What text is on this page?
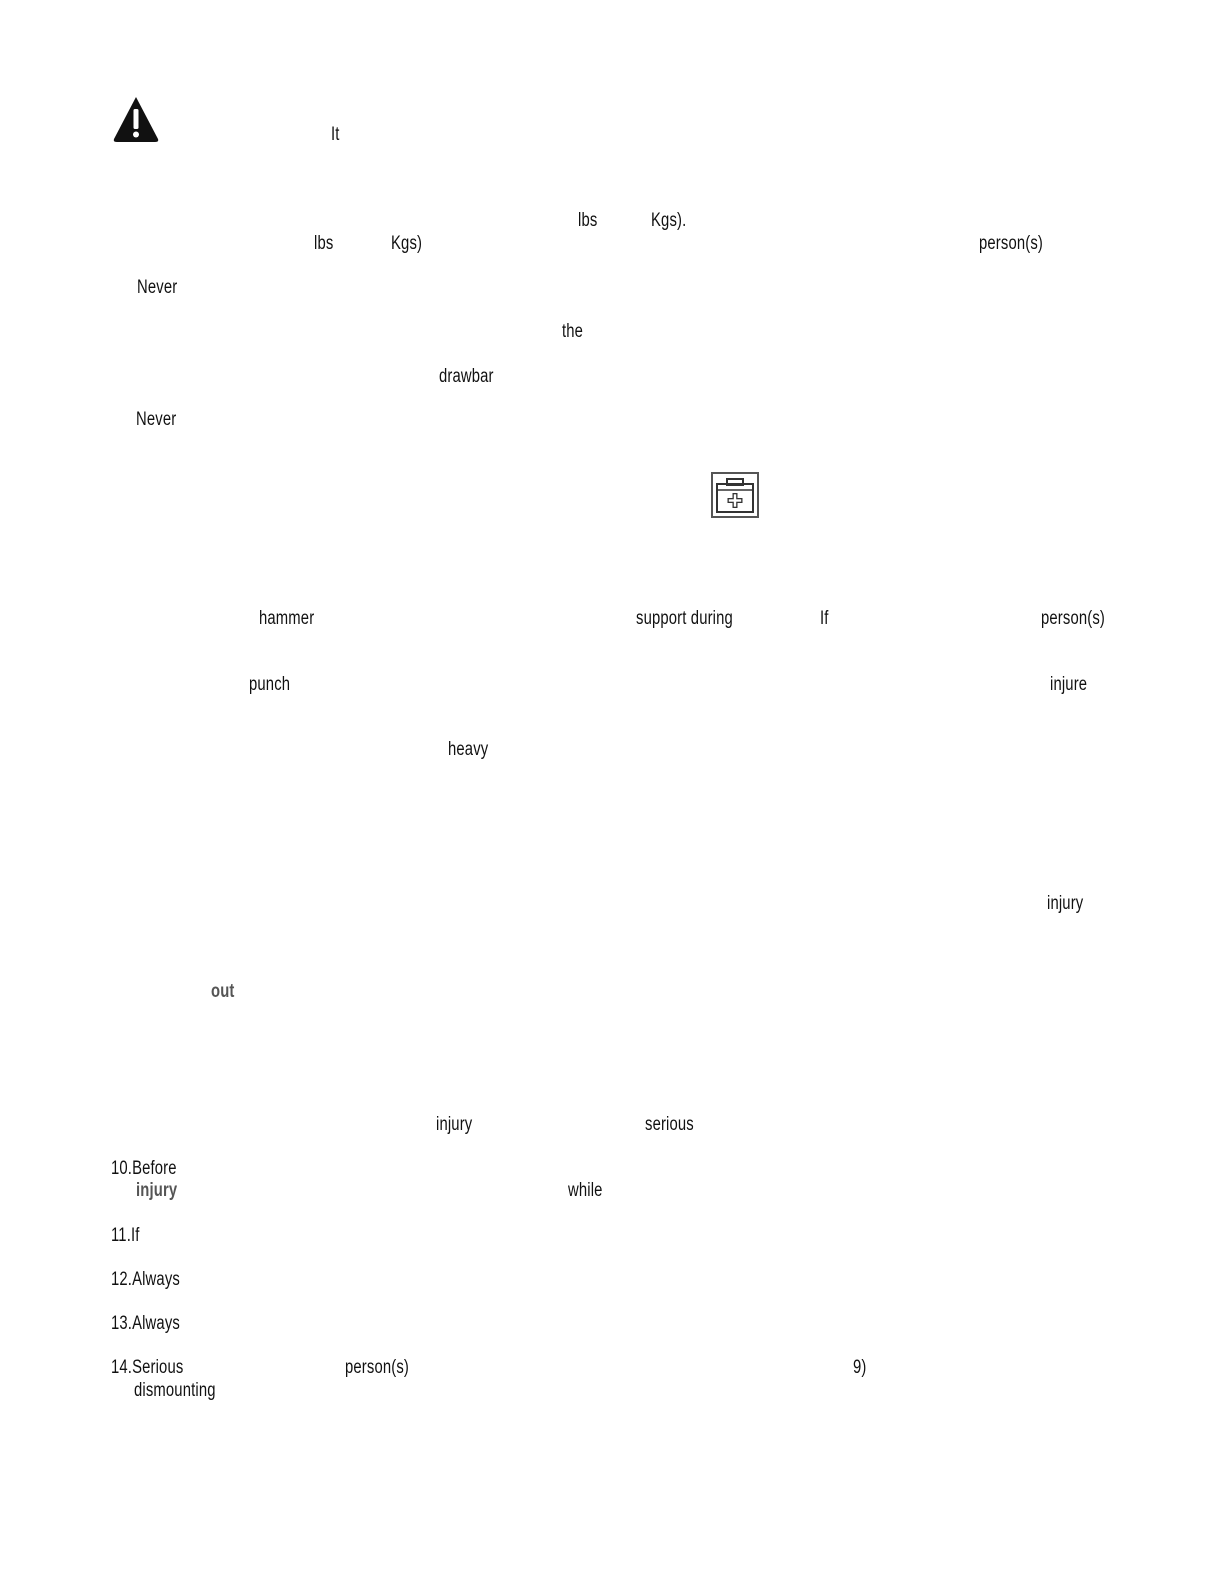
It
lbs	Kgs).
lbs	Kgs)	person(s)
Never
the
drawbar
Never
hammer	support during	If	person(s)
punch	injure
heavy
injury
out
injury	serious
10.Before
injury	while
11.If
12.Always
13.Always
14.Serious	person(s)	9)
dismounting
